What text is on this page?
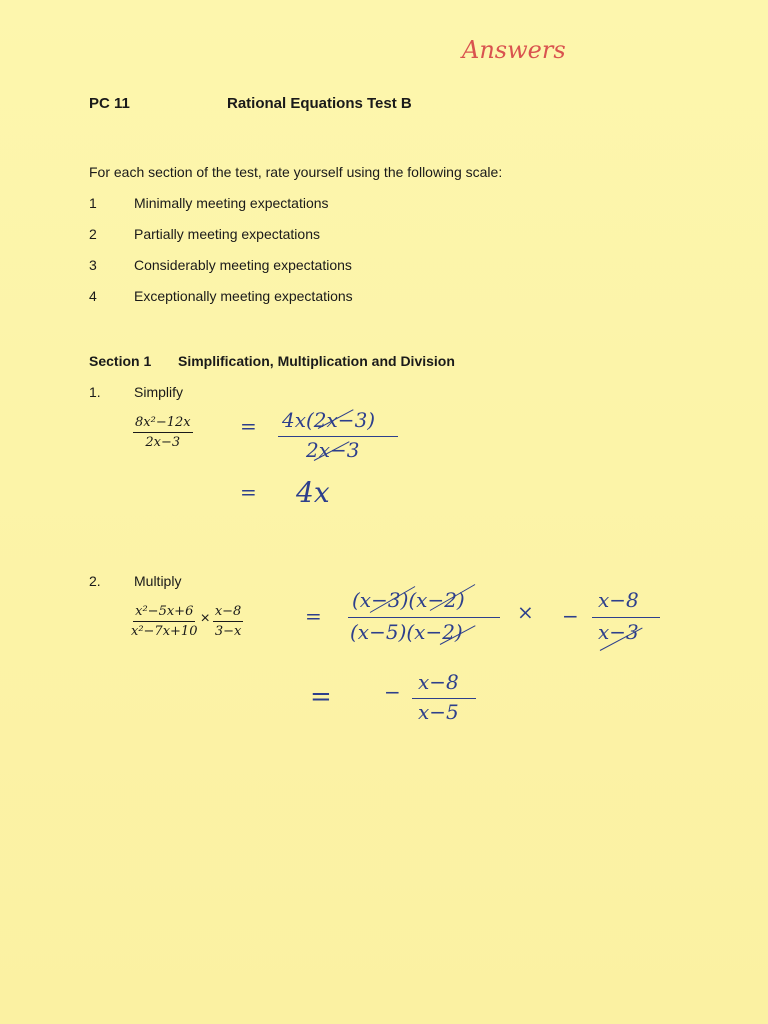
Answers
PC 11	Rational Equations Test B
For each section of the test, rate yourself using the following scale:
1	Minimally meeting expectations
2	Partially meeting expectations
3	Considerably meeting expectations
4	Exceptionally meeting expectations
Section 1 Simplification, Multiplication and Division
1. Simplify
$\frac{\text{8x²−12x}}{2x-3} = 4x(2x-3)$
2x−3
= 4x
2. Multiply
$\frac{\text{x²−5x+6}}{\text{x²−7x+10}} \times \frac{x-8}{3-x}$	=
(x−3)(x−2)
(x−5)(x−2)
× −
x−8
x−3
=	− x−8
x−5
